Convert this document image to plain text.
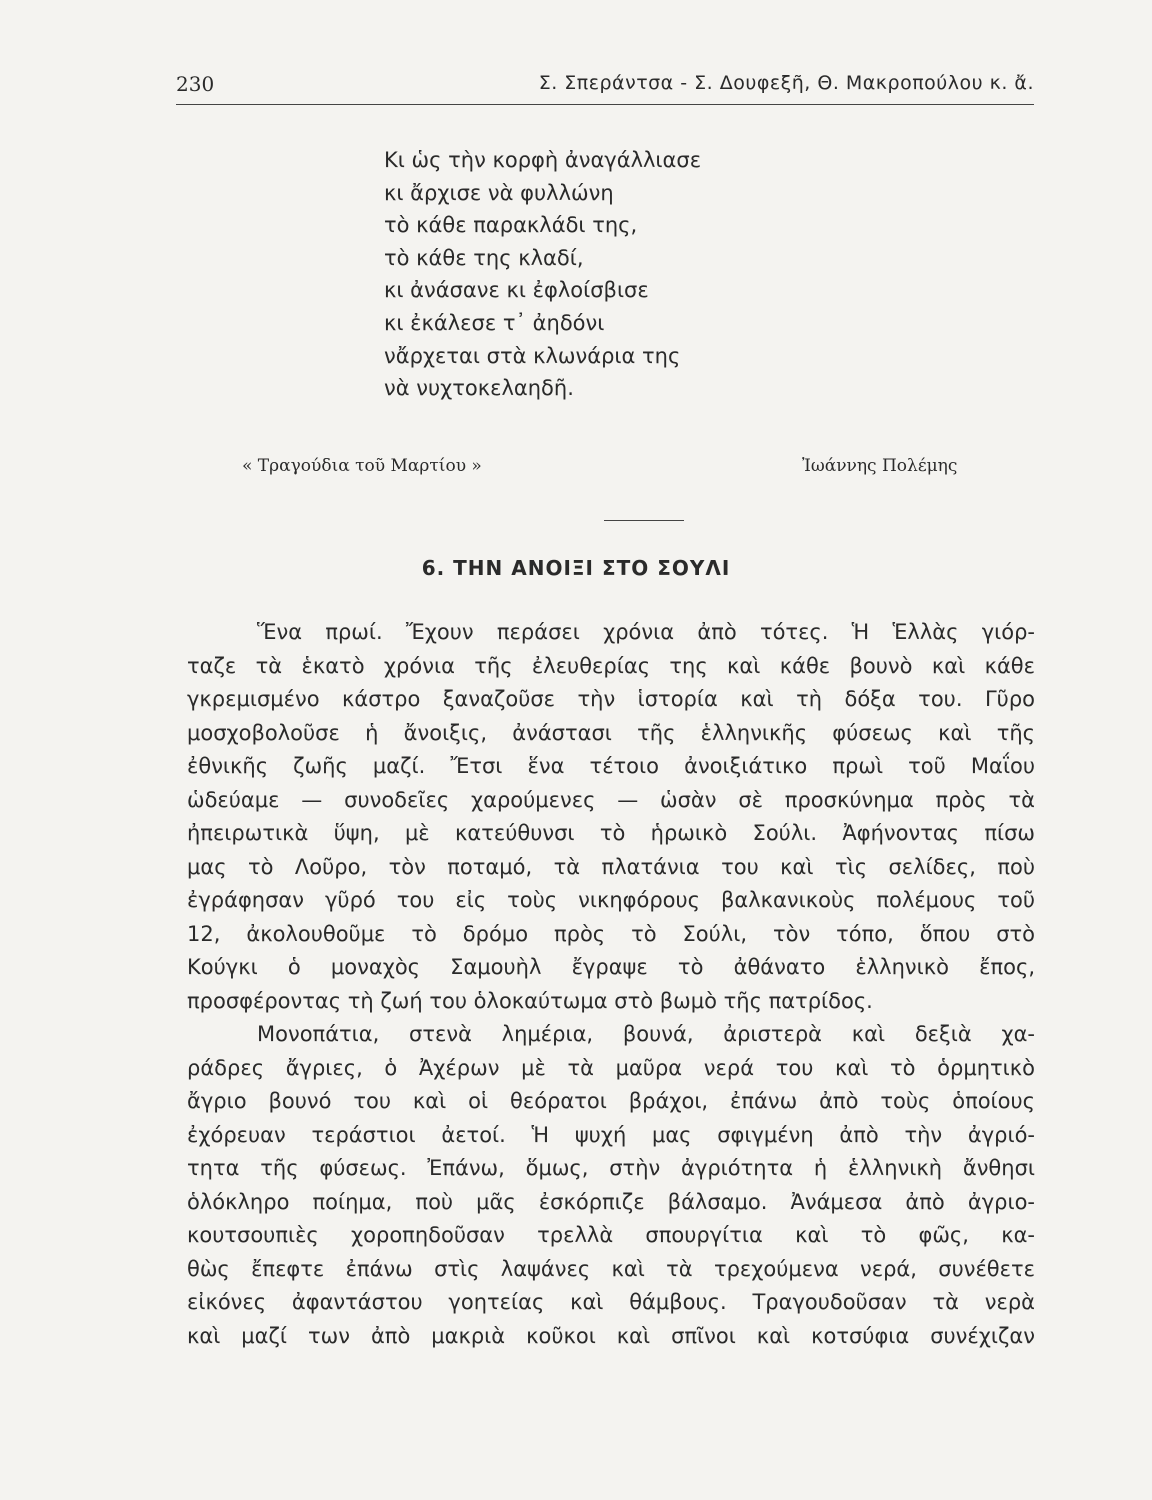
230	Σ. Σπεράντσα - Σ. Δουφεξῆ, Θ. Μακροπούλου κ. ἄ.
Κι ὡς τὴν κορφὴ ἀναγάλλιασε
κι ἄρχισε νὰ φυλλώνη
τὸ κάθε παρακλάδι της,
τὸ κάθε της κλαδί,
κι ἀνάσανε κι ἐφλοίσβισε
κι ἐκάλεσε τ᾽ ἀηδόνι
νἄρχεται στὰ κλωνάρια της
νὰ νυχτοκελαηδῆ.
« Τραγούδια τοῦ Μαρτίου »	Ἰωάννης Πολέμης
6. ΤΗΝ ΑΝΟΙΞΙ ΣΤΟ ΣΟΥΛΙ
Ἕνα πρωί. Ἔχουν περάσει χρόνια ἀπὸ τότες. Ἡ Ἑλλὰς γιόρ-
ταζε τὰ ἑκατὸ χρόνια τῆς ἐλευθερίας της καὶ κάθε βουνὸ καὶ κάθε
γκρεμισμένο κάστρο ξαναζοῦσε τὴν ἱστορία καὶ τὴ δόξα του. Γῦρο
μοσχοβολοῦσε ἡ ἄνοιξις, ἀνάστασι τῆς ἑλληνικῆς φύσεως καὶ τῆς
ἐθνικῆς ζωῆς μαζί. Ἔτσι ἕνα τέτοιο ἀνοιξιάτικο πρωὶ τοῦ Μαΐου
ὡδεύαμε — συνοδεῖες χαρούμενες — ὡσὰν σὲ προσκύνημα πρὸς τὰ
ἠπειρωτικὰ ὕψη, μὲ κατεύθυνσι τὸ ἡρωικὸ Σούλι. Ἀφήνοντας πίσω
μας τὸ Λοῦρο, τὸν ποταμό, τὰ πλατάνια του καὶ τὶς σελίδες, ποὺ
ἐγράφησαν γῦρό του εἰς τοὺς νικηφόρους βαλκανικοὺς πολέμους τοῦ
12, ἀκολουθοῦμε τὸ δρόμο πρὸς τὸ Σούλι, τὸν τόπο, ὅπου στὸ
Κούγκι ὁ μοναχὸς Σαμουὴλ ἔγραψε τὸ ἀθάνατο ἑλληνικὸ ἔπος,
προσφέροντας τὴ ζωή του ὁλοκαύτωμα στὸ βωμὸ τῆς πατρίδος.
Μονοπάτια, στενὰ λημέρια, βουνά, ἀριστερὰ καὶ δεξιὰ χα-
ράδρες ἄγριες, ὁ Ἀχέρων μὲ τὰ μαῦρα νερά του καὶ τὸ ὁρμητικὸ
ἄγριο βουνό του καὶ οἱ θεόρατοι βράχοι, ἐπάνω ἀπὸ τοὺς ὁποίους
ἐχόρευαν τεράστιοι ἀετοί. Ἡ ψυχή μας σφιγμένη ἀπὸ τὴν ἀγριό-
τητα τῆς φύσεως. Ἐπάνω, ὅμως, στὴν ἀγριότητα ἡ ἑλληνικὴ ἄνθησι
ὁλόκληρο ποίημα, ποὺ μᾶς ἐσκόρπιζε βάλσαμο. Ἀνάμεσα ἀπὸ ἀγριο-
κουτσουπιὲς χοροπηδοῦσαν τρελλὰ σπουργίτια καὶ τὸ φῶς, κα-
θὼς ἔπεφτε ἐπάνω στὶς λαψάνες καὶ τὰ τρεχούμενα νερά, συνέθετε
εἰκόνες ἀφαντάστου γοητείας καὶ θάμβους. Τραγουδοῦσαν τὰ νερὰ
καὶ μαζί των ἀπὸ μακριὰ κοῦκοι καὶ σπῖνοι καὶ κοτσύφια συνέχιζαν
